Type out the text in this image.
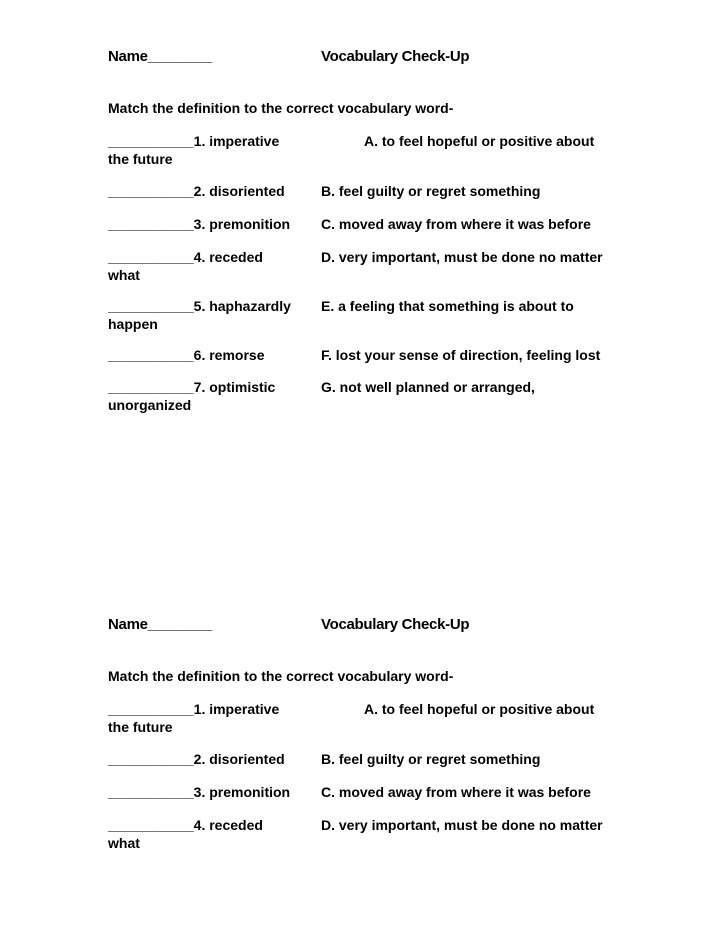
Name________	Vocabulary Check-Up
Match the definition to the correct vocabulary word-
___________1. imperative	A. to feel hopeful or positive about
the future
___________2. disoriented	B. feel guilty or regret something
___________3. premonition C. moved away from where it was before
___________4. receded	D. very important, must be done no matter
what
___________5. haphazardly E. a feeling that something is about to
happen
___________6. remorse	F. lost your sense of direction, feeling lost
___________7. optimistic	G. not well planned or arranged,
unorganized
Name________	Vocabulary Check-Up
Match the definition to the correct vocabulary word-
___________1. imperative	A. to feel hopeful or positive about
the future
___________2. disoriented	B. feel guilty or regret something
___________3. premonition C. moved away from where it was before
___________4. receded	D. very important, must be done no matter
what
